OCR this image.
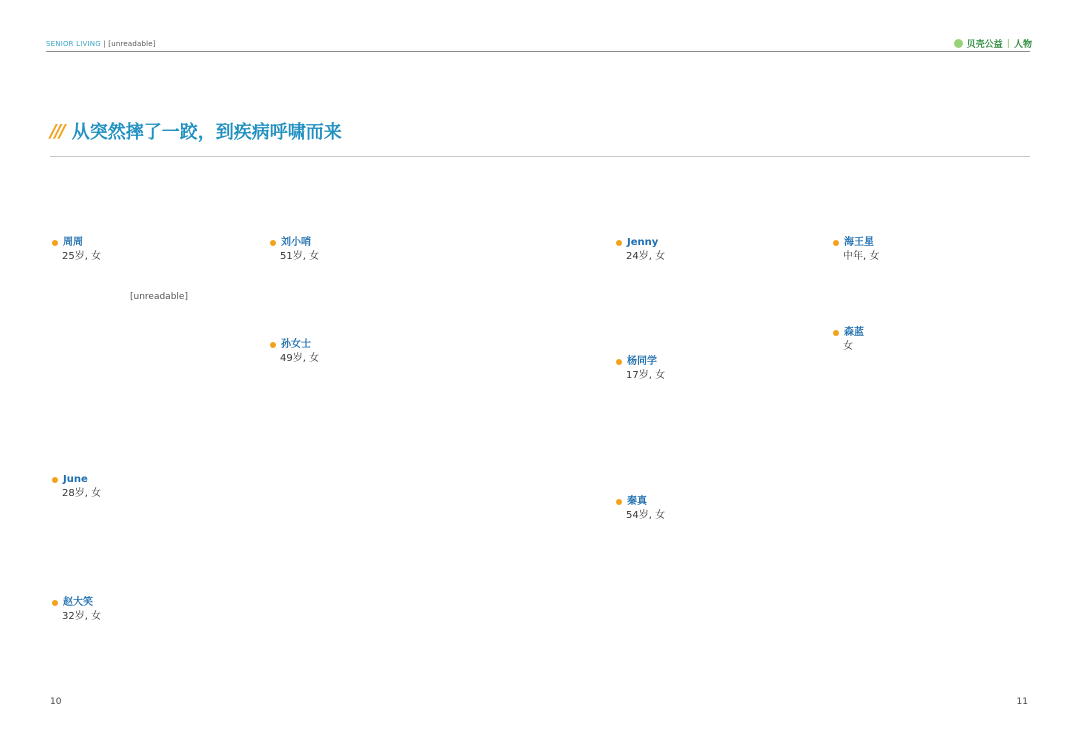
SENIOR LIVING | [unreadable]	贝壳公益 | 人物
/// 从突然摔了一跤，到疾病呼啸而来
周周
25岁, 女
刘小哨
51岁, 女
孙女士
49岁, 女
June
28岁, 女
赵大笑
32岁, 女
Jenny
24岁, 女
海王星
中年, 女
杨同学
17岁, 女
森蓝
女
秦真
54岁, 女
[unreadable]
10	11
